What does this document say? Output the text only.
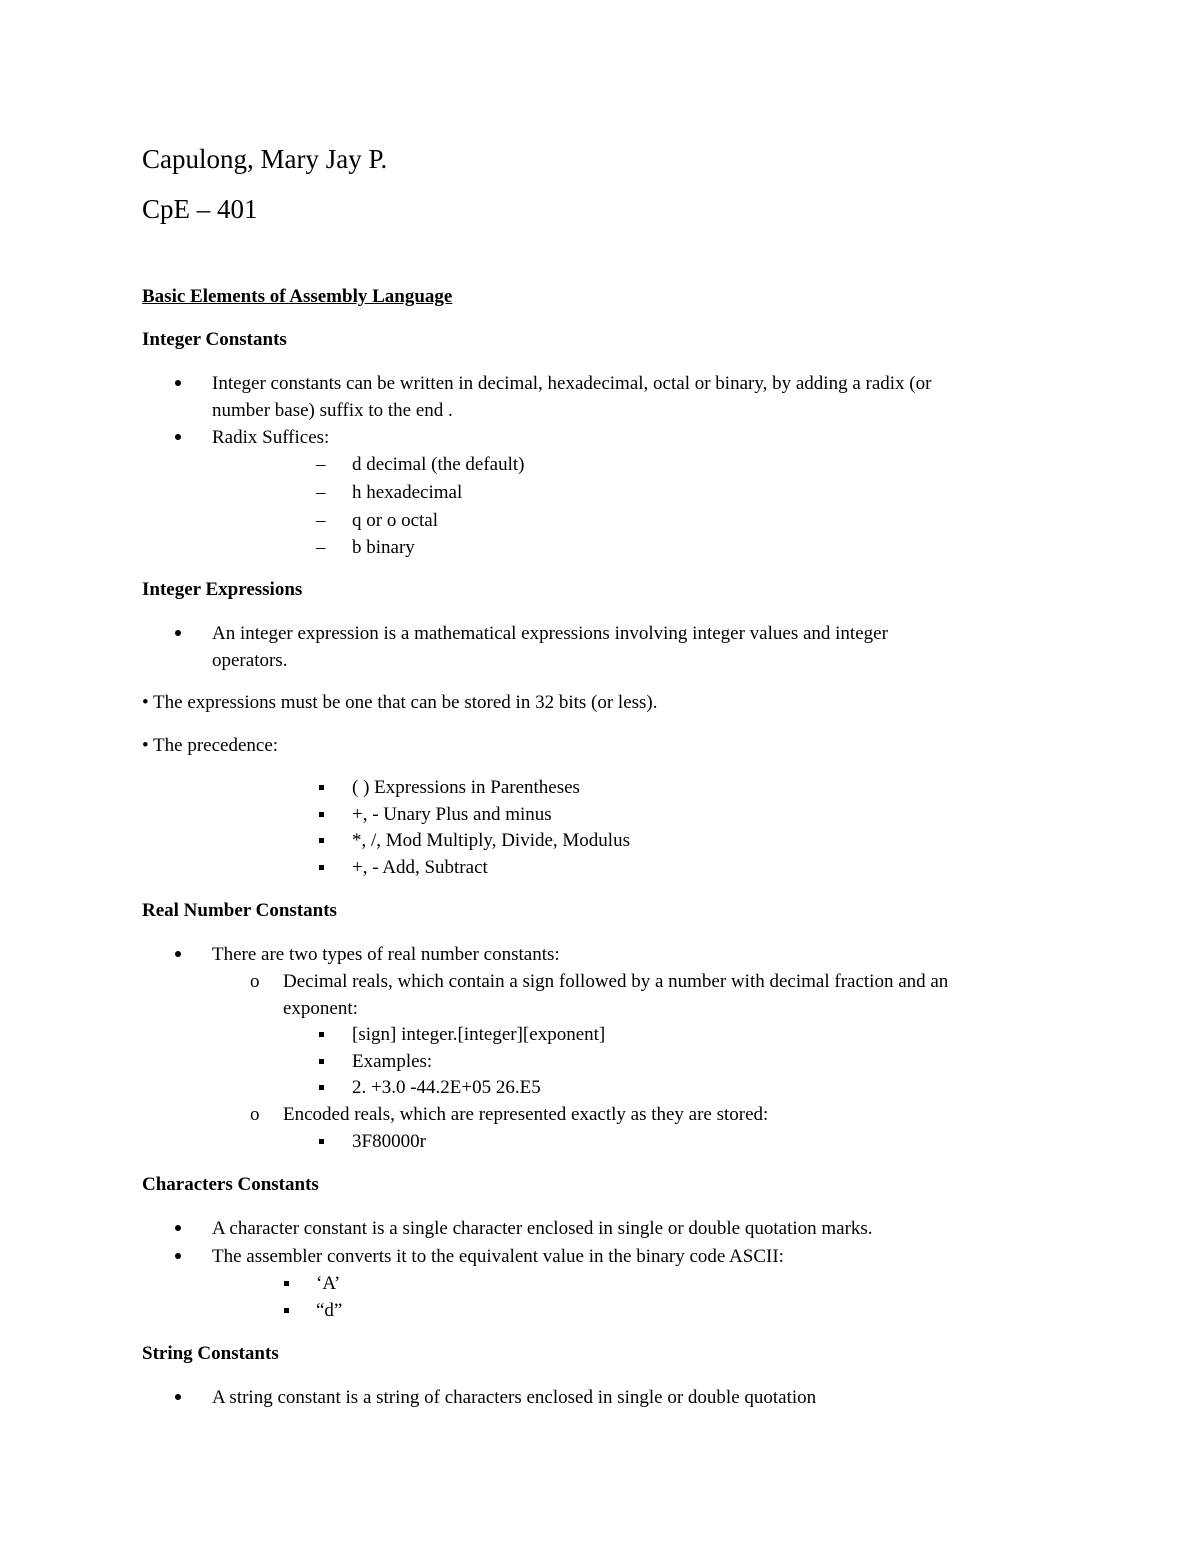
Capulong, Mary Jay P.
CpE – 401
Basic Elements of Assembly Language
Integer Constants
Integer constants can be written in decimal, hexadecimal, octal or binary, by adding a radix (or
number base) suffix to the end .
Radix Suffices:
– d decimal (the default)
– h hexadecimal
– q or o octal
– b binary
Integer Expressions
An integer expression is a mathematical expressions involving integer values and integer
operators.
• The expressions must be one that can be stored in 32 bits (or less).
• The precedence:
( ) Expressions in Parentheses
+, - Unary Plus and minus
*, /, Mod Multiply, Divide, Modulus
+, - Add, Subtract
Real Number Constants
There are two types of real number constants:
o Decimal reals, which contain a sign followed by a number with decimal fraction and an
exponent:
[sign] integer.[integer][exponent]
Examples:
2. +3.0 -44.2E+05 26.E5
o Encoded reals, which are represented exactly as they are stored:
3F80000r
Characters Constants
A character constant is a single character enclosed in single or double quotation marks.
The assembler converts it to the equivalent value in the binary code ASCII:
‘A’
“d”
String Constants
A string constant is a string of characters enclosed in single or double quotation
